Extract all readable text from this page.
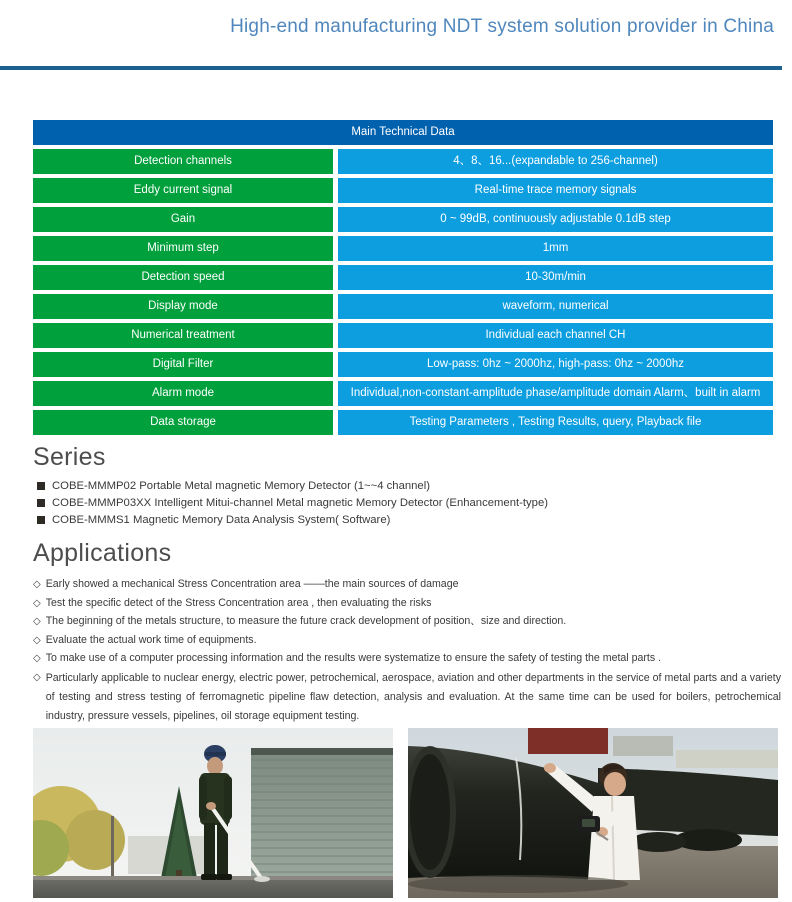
High-end manufacturing NDT system solution provider in China
Main Technical Data
Detection channels	4、8、16...(expandable to 256-channel)
Eddy current signal	Real-time trace memory signals
Gain	0 ~ 99dB, continuously adjustable 0.1dB step
Minimum step	1mm
Detection speed	10-30m/min
Display mode	waveform, numerical
Numerical treatment	Individual each channel CH
Digital Filter	Low-pass: 0hz ~ 2000hz, high-pass: 0hz ~ 2000hz
Alarm mode	Individual,non-constant-amplitude phase/amplitude domain Alarm、built in alarm
Data storage	Testing Parameters , Testing Results, query, Playback file
Series
COBE-MMMP02 Portable Metal magnetic Memory Detector (1~~4 channel)
COBE-MMMP03XX Intelligent Mitui-channel Metal magnetic Memory Detector (Enhancement-type)
COBE-MMMS1 Magnetic Memory Data Analysis System( Software)
Applications
◇ Early showed a mechanical Stress Concentration area ——the main sources of damage
◇ Test the specific detect of the Stress Concentration area , then evaluating the risks
◇ The beginning of the metals structure, to measure the future crack development of position、size and direction.
◇ Evaluate the actual work time of equipments.
◇ To make use of a computer processing information and the results were systematize to ensure the safety of testing the metal parts .
◇ Particularly applicable to nuclear energy, electric power, petrochemical, aerospace, aviation and other departments in the service of metal parts and a variety of testing and stress testing of ferromagnetic pipeline flaw detection, analysis and evaluation. At the same time can be used for boilers, petrochemical industry, pressure vessels, pipelines, oil storage equipment testing.
